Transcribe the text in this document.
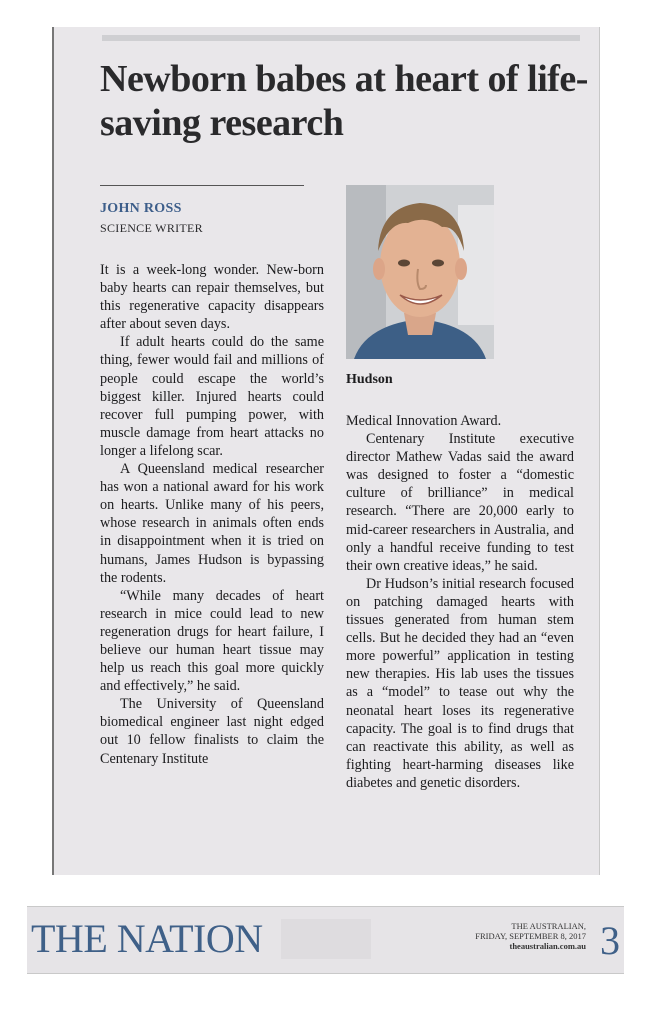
Newborn babes at heart of life-saving research
JOHN ROSS
SCIENCE WRITER
Hudson

It is a week-long wonder. New-born baby hearts can repair themselves, but this regenerative capacity disappears after about seven days.

If adult hearts could do the same thing, fewer would fail and millions of people could escape the world’s biggest killer. Injured hearts could recover full pumping power, with muscle damage from heart attacks no longer a lifelong scar.

A Queensland medical researcher has won a national award for his work on hearts. Unlike many of his peers, whose research in animals often ends in disappointment when it is tried on humans, James Hudson is bypassing the rodents.

“While many decades of heart research in mice could lead to new regeneration drugs for heart failure, I believe our human heart tissue may help us reach this goal more quickly and effectively,” he said.

The University of Queensland biomedical engineer last night edged out 10 fellow finalists to claim the Centenary Institute

Medical Innovation Award.

Centenary Institute executive director Mathew Vadas said the award was designed to foster a “domestic culture of brilliance” in medical research. “There are 20,000 early to mid-career researchers in Australia, and only a handful receive funding to test their own creative ideas,” he said.

Dr Hudson’s initial research focused on patching damaged hearts with tissues generated from human stem cells. But he decided they had an “even more powerful” application in testing new therapies. His lab uses the tissues as a “model” to tease out why the neonatal heart loses its regenerative capacity. The goal is to find drugs that can reactivate this ability, as well as fighting heart-harming diseases like diabetes and genetic disorders.

THE NATION	THE AUSTRALIAN,
FRIDAY, SEPTEMBER 8, 2017
theaustralian.com.au 3
